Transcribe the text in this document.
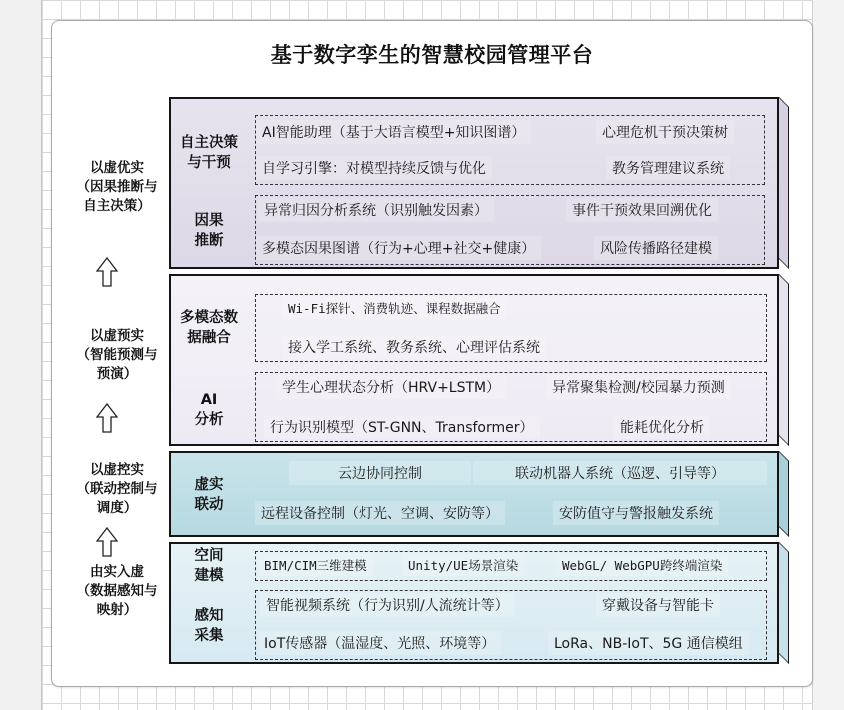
基于数字孪生的智慧校园管理平台
以虚优实
（因果推断与
自主决策）
以虚预实
（智能预测与
预演）
以虚控实
（联动控制与
调度）
由实入虚
（数据感知与
映射）
自主决策
与干预
AI智能助理（基于大语言模型+知识图谱）	心理危机干预决策树
自学习引擎：对模型持续反馈与优化	教务管理建议系统
因果
推断
异常归因分析系统（识别触发因素）	事件干预效果回溯优化
多模态因果图谱（行为+心理+社交+健康）	风险传播路径建模
多模态数
据融合
Wi-Fi探针、消费轨迹、课程数据融合
接入学工系统、教务系统、心理评估系统
AI
分析
学生心理状态分析（HRV+LSTM）	异常聚集检测/校园暴力预测
行为识别模型（ST-GNN、Transformer）	能耗优化分析
虚实
联动
云边协同控制	联动机器人系统（巡逻、引导等）
远程设备控制（灯光、空调、安防等）	安防值守与警报触发系统
空间
建模
BIM/CIM三维建模	Unity/UE场景渲染	WebGL/ WebGPU跨终端渲染
感知
采集
智能视频系统（行为识别/人流统计等）	穿戴设备与智能卡
IoT传感器（温湿度、光照、环境等）	LoRa、NB-IoT、5G 通信模组
